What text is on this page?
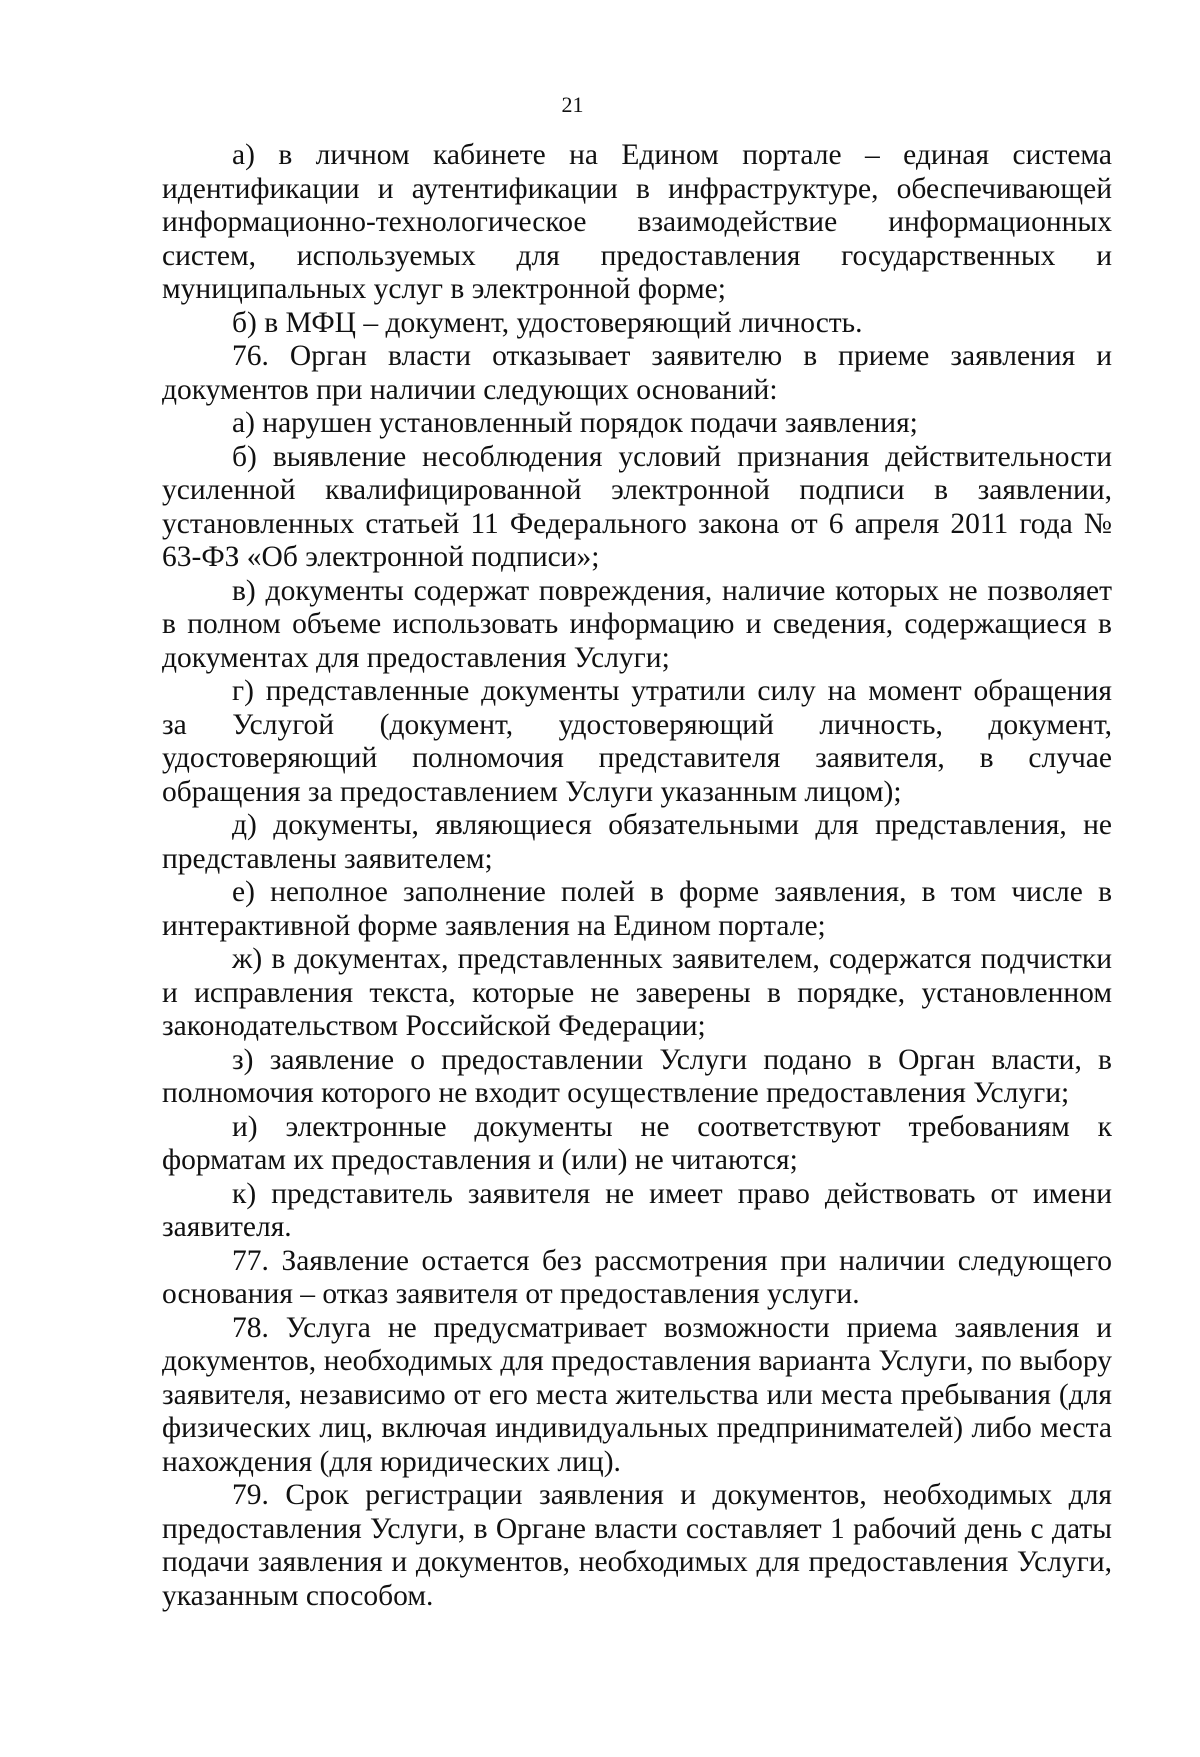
21

а) в личном кабинете на Едином портале – единая система идентификации и аутентификации в инфраструктуре, обеспечивающей информационно-технологическое взаимодействие информационных систем, используемых для предоставления государственных и муниципальных услуг в электронной форме;

б) в МФЦ – документ, удостоверяющий личность.

76. Орган власти отказывает заявителю в приеме заявления и документов при наличии следующих оснований:

а) нарушен установленный порядок подачи заявления;

б) выявление несоблюдения условий признания действительности усиленной квалифицированной электронной подписи в заявлении, установленных статьей 11 Федерального закона от 6 апреля 2011 года № 63-ФЗ «Об электронной подписи»;

в) документы содержат повреждения, наличие которых не позволяет в полном объеме использовать информацию и сведения, содержащиеся в документах для предоставления Услуги;

г) представленные документы утратили силу на момент обращения за Услугой (документ, удостоверяющий личность, документ, удостоверяющий полномочия представителя заявителя, в случае обращения за предоставлением Услуги указанным лицом);

д) документы, являющиеся обязательными для представления, не представлены заявителем;

е) неполное заполнение полей в форме заявления, в том числе в интерактивной форме заявления на Едином портале;

ж) в документах, представленных заявителем, содержатся подчистки и исправления текста, которые не заверены в порядке, установленном законодательством Российской Федерации;

з) заявление о предоставлении Услуги подано в Орган власти, в полномочия которого не входит осуществление предоставления Услуги;

и) электронные документы не соответствуют требованиям к форматам их предоставления и (или) не читаются;

к) представитель заявителя не имеет право действовать от имени заявителя.

77. Заявление остается без рассмотрения при наличии следующего основания – отказ заявителя от предоставления услуги.

78. Услуга не предусматривает возможности приема заявления и документов, необходимых для предоставления варианта Услуги, по выбору заявителя, независимо от его места жительства или места пребывания (для физических лиц, включая индивидуальных предпринимателей) либо места нахождения (для юридических лиц).

79. Срок регистрации заявления и документов, необходимых для предоставления Услуги, в Органе власти составляет 1 рабочий день с даты подачи заявления и документов, необходимых для предоставления Услуги, указанным способом.
